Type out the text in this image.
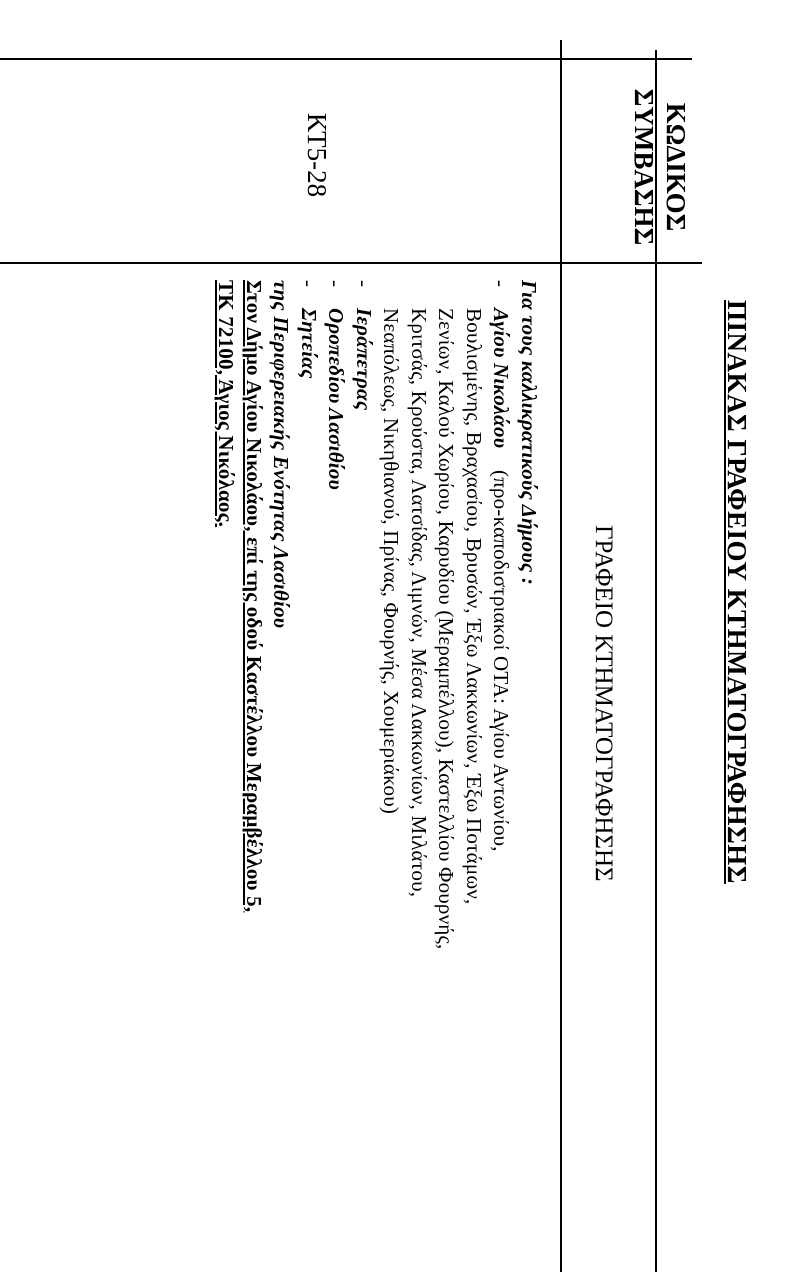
ΠΙΝΑΚΑΣ ΓΡΑΦΕΙΟΥ ΚΤΗΜΑΤΟΓΡΑΦΗΣΗΣ
ΚΩΔΙΚΟΣ
ΣΥΜΒΑΣΗΣ
ΓΡΑΦΕΙΟ ΚΤΗΜΑΤΟΓΡΑΦΗΣΗΣ
ΚΤ5-28
Για τους καλλικρατικούς Δήμους :
-Αγίου Νικολάου    (προ-καποδιστριακοί ΟΤΑ: Αγίου Αντωνίου,
Βουλισμένης, Βραχασίου, Βρυσών, Έξω Λακκωνίων, Έξω Ποτάμων,
Ζενίων, Καλού Χωρίου, Καρυδίου (Μεραμπέλλου), Καστελλίου Φουρνής,
Κριτσάς, Κρούστα, Λατσίδας, Λιμνών, Μέσα Λακκωνίων, Μιλάτου,
Νεαπόλεως, Νικηθιανού, Πρίνας, Φουρνής, Χουμεριάκου)
-Ιεράπετρας
-Οροπεδίου Λασιθίου
-Σητείας
της Περιφερειακής Ενότητας Λασιθίου
Στον Δήμο Αγίου Νικολάου, επί της οδού Καστέλλου Μεραμβέλλου 5,
ΤΚ 72100, Άγιος Νικόλαος.
